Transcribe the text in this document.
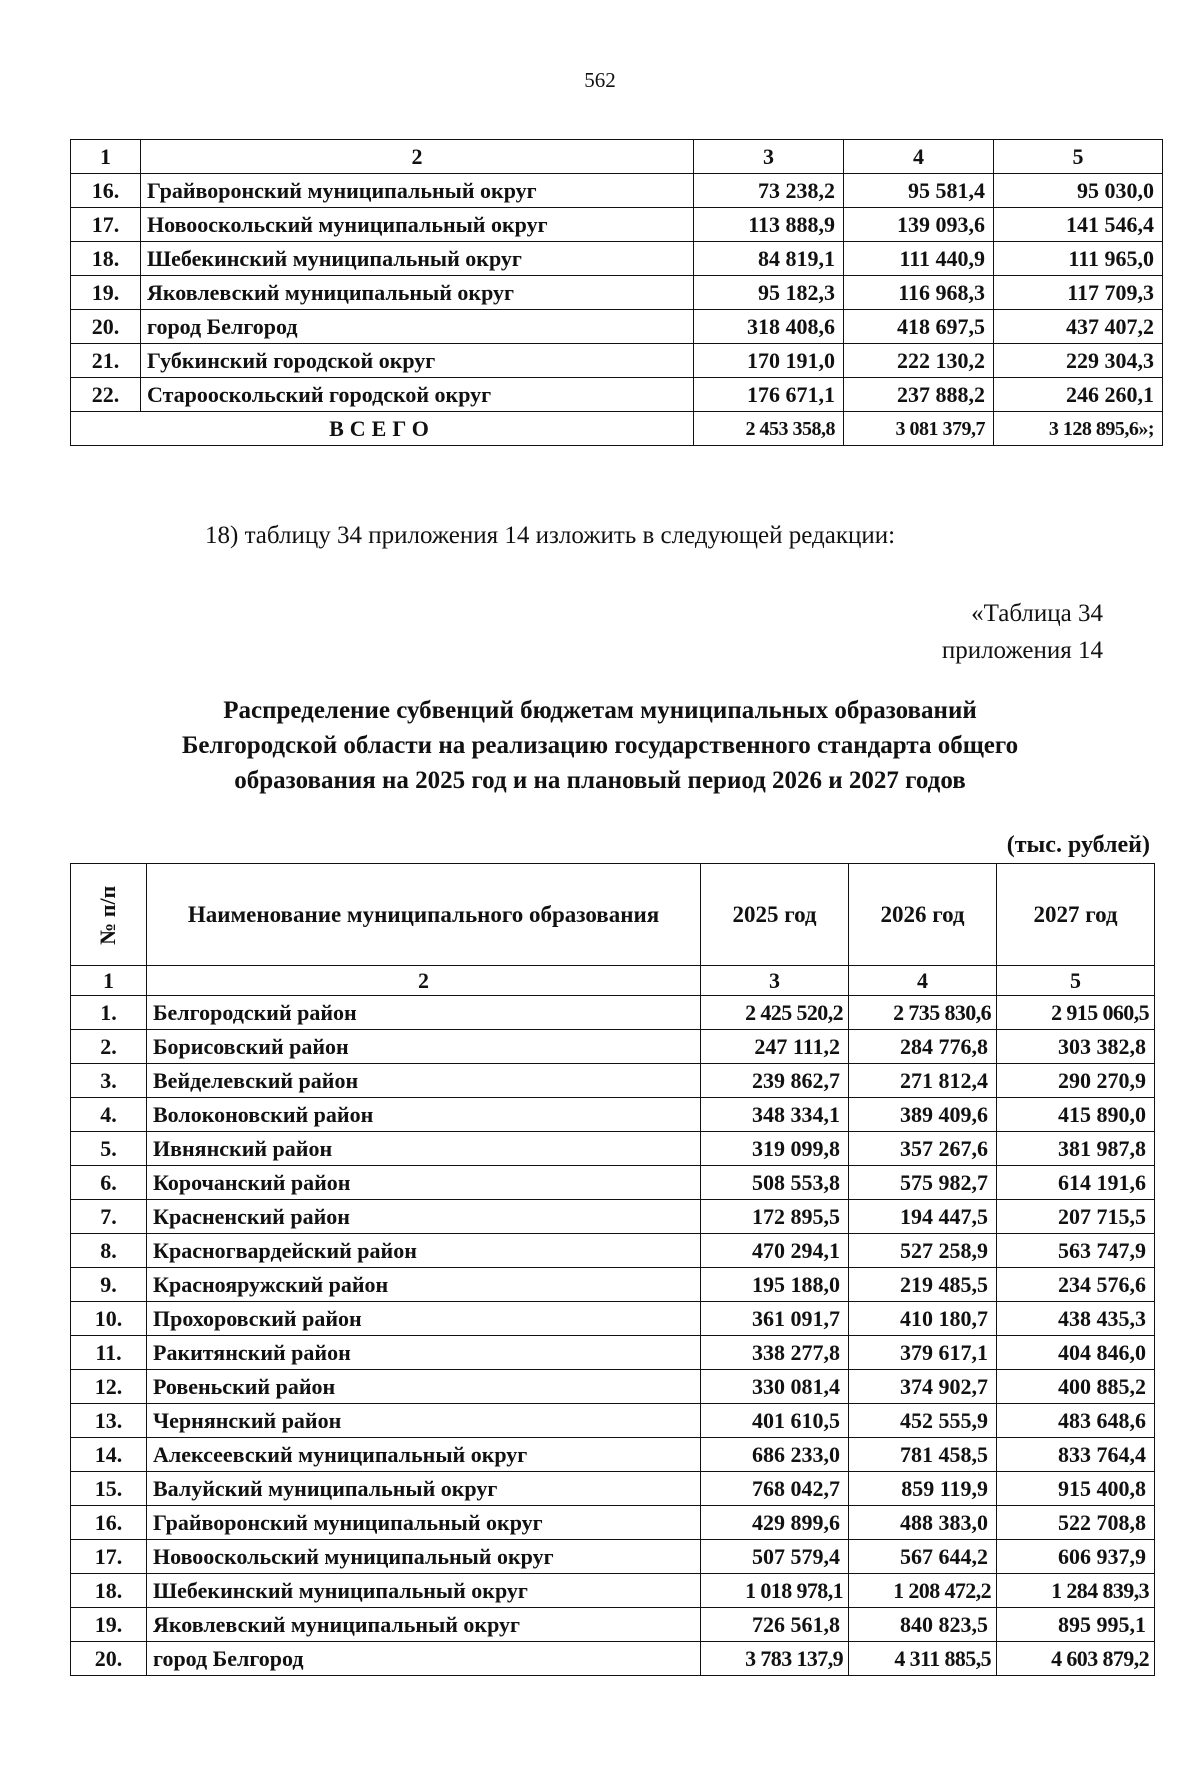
562
1	2	3	4	5
16.	Грайворонский муниципальный округ	73 238,2	95 581,4	95 030,0
17.	Новооскольский муниципальный округ	113 888,9	139 093,6	141 546,4
18.	Шебекинский муниципальный округ	84 819,1	111 440,9	111 965,0
19.	Яковлевский муниципальный округ	95 182,3	116 968,3	117 709,3
20.	город Белгород	318 408,6	418 697,5	437 407,2
21.	Губкинский городской округ	170 191,0	222 130,2	229 304,3
22.	Старооскольский городской округ	176 671,1	237 888,2	246 260,1
ВСЕГО		2 453 358,8	3 081 379,7	3 128 895,6»;
18) таблицу 34 приложения 14 изложить в следующей редакции:
«Таблица 34
приложения 14
Распределение субвенций бюджетам муниципальных образований
Белгородской области на реализацию государственного стандарта общего
образования на 2025 год и на плановый период 2026 и 2027 годов
(тыс. рублей)
№ п/п	Наименование муниципального образования	2025 год	2026 год	2027 год
1	2	3	4	5
1.	Белгородский район	2 425 520,2	2 735 830,6	2 915 060,5
2.	Борисовский район	247 111,2	284 776,8	303 382,8
3.	Вейделевский район	239 862,7	271 812,4	290 270,9
4.	Волоконовский район	348 334,1	389 409,6	415 890,0
5.	Ивнянский район	319 099,8	357 267,6	381 987,8
6.	Корочанский район	508 553,8	575 982,7	614 191,6
7.	Красненский район	172 895,5	194 447,5	207 715,5
8.	Красногвардейский район	470 294,1	527 258,9	563 747,9
9.	Краснояружский район	195 188,0	219 485,5	234 576,6
10.	Прохоровский район	361 091,7	410 180,7	438 435,3
11.	Ракитянский район	338 277,8	379 617,1	404 846,0
12.	Ровеньский район	330 081,4	374 902,7	400 885,2
13.	Чернянский район	401 610,5	452 555,9	483 648,6
14.	Алексеевский муниципальный округ	686 233,0	781 458,5	833 764,4
15.	Валуйский муниципальный округ	768 042,7	859 119,9	915 400,8
16.	Грайворонский муниципальный округ	429 899,6	488 383,0	522 708,8
17.	Новооскольский муниципальный округ	507 579,4	567 644,2	606 937,9
18.	Шебекинский муниципальный округ	1 018 978,1	1 208 472,2	1 284 839,3
19.	Яковлевский муниципальный округ	726 561,8	840 823,5	895 995,1
20.	город Белгород	3 783 137,9	4 311 885,5	4 603 879,2
